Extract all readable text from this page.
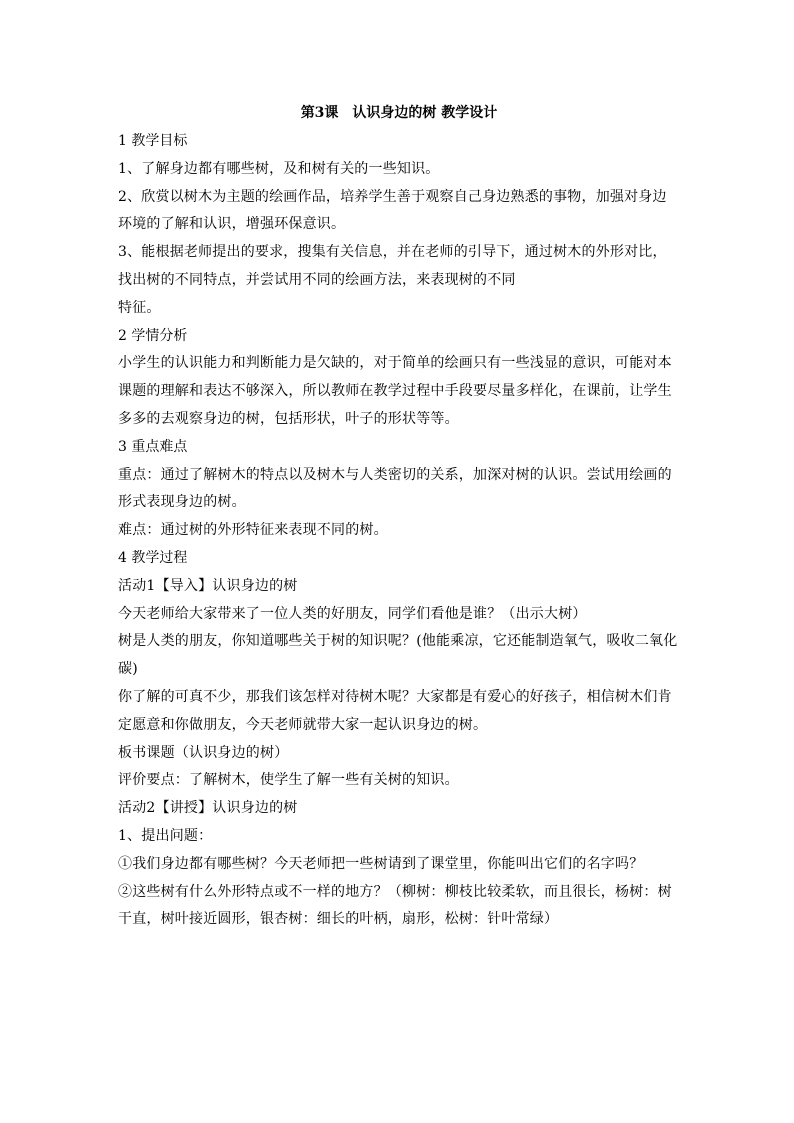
第3课　认识身边的树 教学设计

1 教学目标

1、了解身边都有哪些树，及和树有关的一些知识。

2、欣赏以树木为主题的绘画作品，培养学生善于观察自己身边熟悉的事物，加强对身边环境的了解和认识，增强环保意识。

3、能根据老师提出的要求，搜集有关信息，并在老师的引导下，通过树木的外形对比，找出树的不同特点，并尝试用不同的绘画方法，来表现树的不同

特征。

2 学情分析

小学生的认识能力和判断能力是欠缺的，对于简单的绘画只有一些浅显的意识，可能对本课题的理解和表达不够深入，所以教师在教学过程中手段要尽量多样化，在课前，让学生多多的去观察身边的树，包括形状，叶子的形状等等。

3 重点难点

重点：通过了解树木的特点以及树木与人类密切的关系，加深对树的认识。尝试用绘画的形式表现身边的树。

难点：通过树的外形特征来表现不同的树。

4 教学过程

活动1【导入】认识身边的树

今天老师给大家带来了一位人类的好朋友，同学们看他是谁？（出示大树）

树是人类的朋友，你知道哪些关于树的知识呢？(他能乘凉，它还能制造氧气，吸收二氧化碳)

你了解的可真不少，那我们该怎样对待树木呢？大家都是有爱心的好孩子，相信树木们肯定愿意和你做朋友，今天老师就带大家一起认识身边的树。

板书课题（认识身边的树）

评价要点：了解树木，使学生了解一些有关树的知识。

活动2【讲授】认识身边的树

1、提出问题：

①我们身边都有哪些树？今天老师把一些树请到了课堂里，你能叫出它们的名字吗？

②这些树有什么外形特点或不一样的地方？（柳树：柳枝比较柔软，而且很长，杨树：树干直，树叶接近圆形，银杏树：细长的叶柄，扇形，松树：针叶常绿）
